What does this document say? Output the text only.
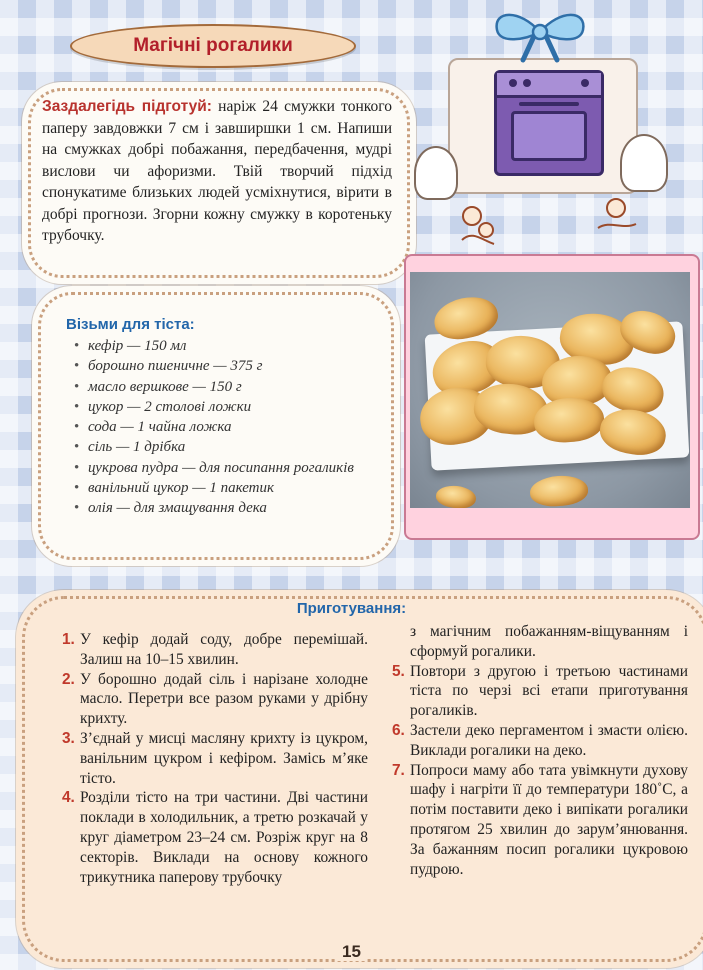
Магічні рогалики
Заздалегідь підготуй: наріж 24 смужки тонкого паперу завдовжки 7 см і завширшки 1 см. Напиши на смужках добрі побажання, передбачення, мудрі вислови чи афоризми. Твій творчий підхід спонукатиме близьких людей усміхнутися, вірити в добрі прогнози. Згорни кожну смужку в коротеньку трубочку.
Візьми для тіста:
• кефір — 150 мл
• борошно пшеничне — 375 г
• масло вершкове — 150 г
• цукор — 2 столові ложки
• сода — 1 чайна ложка
• сіль — 1 дрібка
• цукрова пудра — для посипання рогаликів
• ванільний цукор — 1 пакетик
• олія — для змащування дека
Приготування:

1. У кефір додай соду, добре перемішай. Залиш на 10–15 хвилин.

2. У борошно додай сіль і нарізане холодне масло. Перетри все разом руками у дрібну крихту.

3. З’єднай у мисці масляну крихту із цукром, ванільним цукром і кефіром. Замісь м’яке тісто.

4. Розділи тісто на три частини. Дві частини поклади в холодильник, а третю розкачай у круг діаметром 23–24 см. Розріж круг на 8 секторів. Виклади на основу кожного трикутника паперову трубочку

з магічним побажанням-віщуванням і сформуй рогалики.

5. Повтори з другою і третьою частинами тіста по черзі всі етапи приготування рогаликів.

6. Застели деко пергаментом і змасти олією. Виклади рогалики на деко.

7. Попроси маму або тата увімкнути духову шафу і нагріти її до температури 180˚С, а потім поставити деко і випікати рогалики протягом 25 хвилин до зарум’янювання. За бажанням посип рогалики цукровою пудрою.

15
